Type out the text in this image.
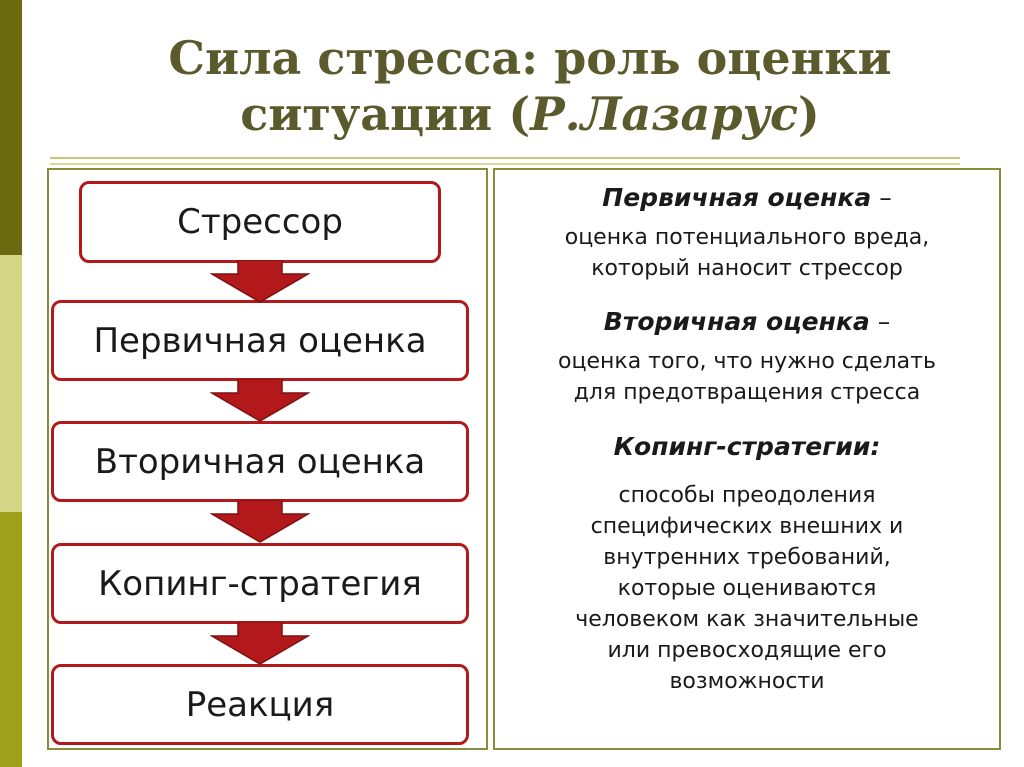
Сила стресса: роль оценки
ситуации (Р.Лазарус)
Стрессор
Первичная оценка
Вторичная оценка
Копинг-стратегия
Реакция
Первичная оценка –
оценка потенциального вреда,
который наносит стрессор
Вторичная оценка –
оценка того, что нужно сделать
для предотвращения стресса
Копинг-стратегии:
способы преодоления
специфических внешних и
внутренних требований,
которые оцениваются
человеком как значительные
или превосходящие его
возможности
